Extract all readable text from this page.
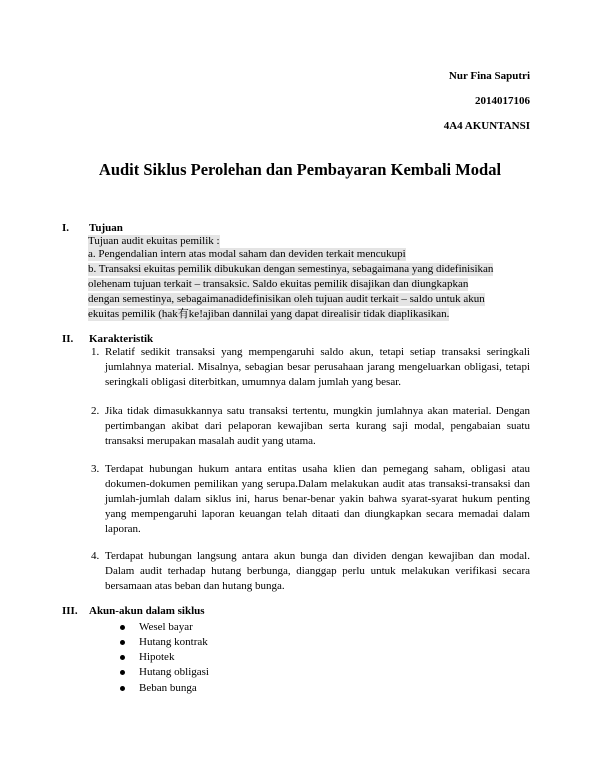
Nur Fina Saputri
2014017106
4A4 AKUNTANSI
Audit Siklus Perolehan dan Pembayaran Kembali Modal
I. Tujuan
Tujuan audit ekuitas pemilik :
a. Pengendalian intern atas modal saham dan deviden terkait mencukupi
b. Transaksi ekuitas pemilik dibukukan dengan semestinya, sebagaimana yang didefinisikan
olehenam tujuan terkait – transaksic. Saldo ekuitas pemilik disajikan dan diungkapkan
dengan semestinya, sebagaimanadidefinisikan oleh tujuan audit terkait – saldo untuk akun
ekuitas pemilik (hak有ke!ajiban dannilai yang dapat direalisir tidak diaplikasikan.
II. Karakteristik
1. Relatif sedikit transaksi yang mempengaruhi saldo akun, tetapi setiap transaksi seringkali jumlahnya material. Misalnya, sebagian besar perusahaan jarang mengeluarkan obligasi, tetapi seringkali obligasi diterbitkan, umumnya dalam jumlah yang besar.
2. Jika tidak dimasukkannya satu transaksi tertentu, mungkin jumlahnya akan material. Dengan pertimbangan akibat dari pelaporan kewajiban serta kurang saji modal, pengabaian suatu transaksi merupakan masalah audit yang utama.
3. Terdapat hubungan hukum antara entitas usaha klien dan pemegang saham, obligasi atau dokumen-dokumen pemilikan yang serupa.Dalam melakukan audit atas transaksi-transaksi dan jumlah-jumlah dalam siklus ini, harus benar-benar yakin bahwa syarat-syarat hukum penting yang mempengaruhi laporan keuangan telah ditaati dan diungkapkan secara memadai dalam laporan.
4. Terdapat hubungan langsung antara akun bunga dan dividen dengan kewajiban dan modal. Dalam audit terhadap hutang berbunga, dianggap perlu untuk melakukan verifikasi secara bersamaan atas beban dan hutang bunga.
III. Akun-akun dalam siklus
Wesel bayar
Hutang kontrak
Hipotek
Hutang obligasi
Beban bunga
